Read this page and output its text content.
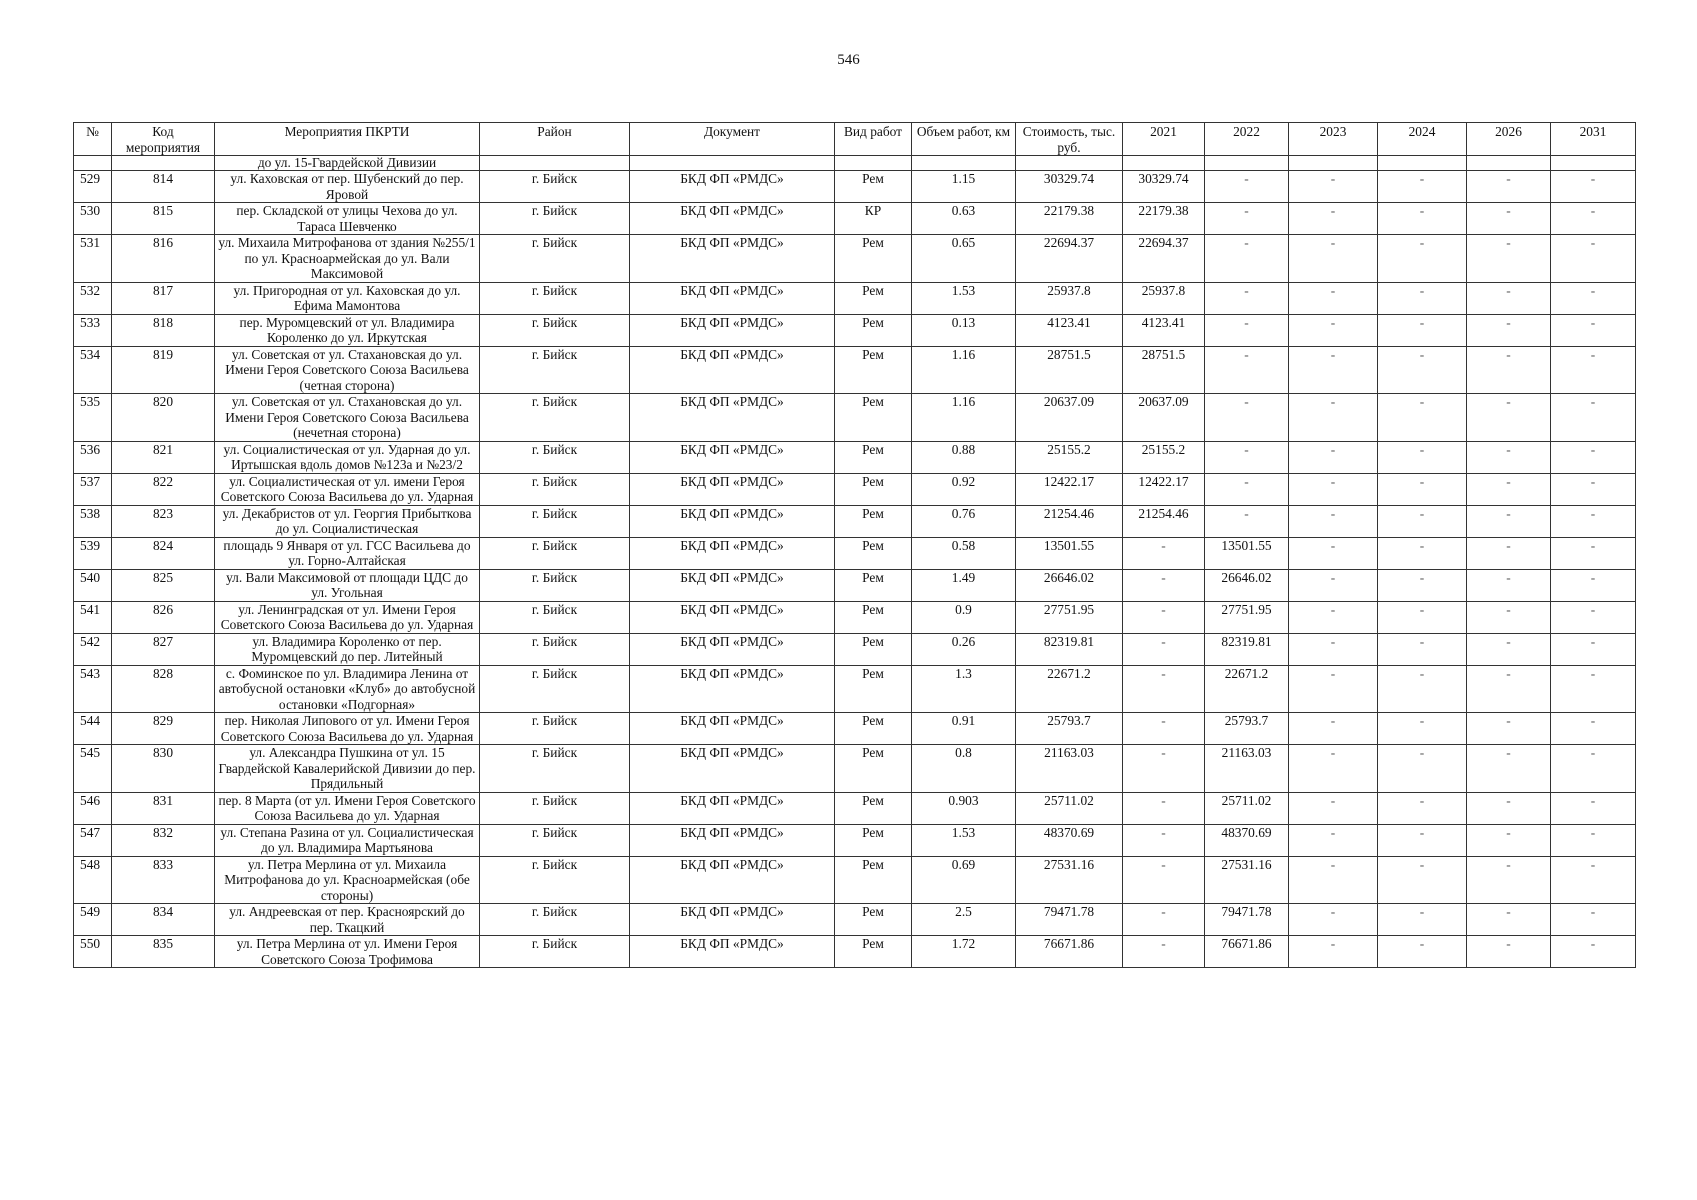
546
№	Код мероприятия	Мероприятия ПКРТИ	Район	Документ	Вид работ	Объем работ, км	Стоимость, тыс. руб.	2021	2022	2023	2024	2026	2031
		до ул. 15-Гвардейской Дивизии											
529	814	ул. Каховская от пер. Шубенский до пер. Яровой	г. Бийск	БКД ФП «РМДС»	Рем	1.15	30329.74	30329.74	-	-	-	-	-
530	815	пер. Складской от улицы Чехова до ул. Тараса Шевченко	г. Бийск	БКД ФП «РМДС»	КР	0.63	22179.38	22179.38	-	-	-	-	-
531	816	ул. Михаила Митрофанова от здания №255/1 по ул. Красноармейская до ул. Вали Максимовой	г. Бийск	БКД ФП «РМДС»	Рем	0.65	22694.37	22694.37	-	-	-	-	-
532	817	ул. Пригородная от ул. Каховская до ул. Ефима Мамонтова	г. Бийск	БКД ФП «РМДС»	Рем	1.53	25937.8	25937.8	-	-	-	-	-
533	818	пер. Муромцевский от ул. Владимира Короленко до ул. Иркутская	г. Бийск	БКД ФП «РМДС»	Рем	0.13	4123.41	4123.41	-	-	-	-	-
534	819	ул. Советская от ул. Стахановская до ул. Имени Героя Советского Союза Васильева (четная сторона)	г. Бийск	БКД ФП «РМДС»	Рем	1.16	28751.5	28751.5	-	-	-	-	-
535	820	ул. Советская от ул. Стахановская до ул. Имени Героя Советского Союза Васильева (нечетная сторона)	г. Бийск	БКД ФП «РМДС»	Рем	1.16	20637.09	20637.09	-	-	-	-	-
536	821	ул. Социалистическая от ул. Ударная до ул. Иртышская вдоль домов №123а и №23/2	г. Бийск	БКД ФП «РМДС»	Рем	0.88	25155.2	25155.2	-	-	-	-	-
537	822	ул. Социалистическая от ул. имени Героя Советского Союза Васильева до ул. Ударная	г. Бийск	БКД ФП «РМДС»	Рем	0.92	12422.17	12422.17	-	-	-	-	-
538	823	ул. Декабристов от ул. Георгия Прибыткова до ул. Социалистическая	г. Бийск	БКД ФП «РМДС»	Рем	0.76	21254.46	21254.46	-	-	-	-	-
539	824	площадь 9 Января от ул. ГСС Васильева до ул. Горно-Алтайская	г. Бийск	БКД ФП «РМДС»	Рем	0.58	13501.55	-	13501.55	-	-	-	-
540	825	ул. Вали Максимовой от площади ЦДС до ул. Угольная	г. Бийск	БКД ФП «РМДС»	Рем	1.49	26646.02	-	26646.02	-	-	-	-
541	826	ул. Ленинградская от ул. Имени Героя Советского Союза Васильева до ул. Ударная	г. Бийск	БКД ФП «РМДС»	Рем	0.9	27751.95	-	27751.95	-	-	-	-
542	827	ул. Владимира Короленко от пер. Муромцевский до пер. Литейный	г. Бийск	БКД ФП «РМДС»	Рем	0.26	82319.81	-	82319.81	-	-	-	-
543	828	с. Фоминское по ул. Владимира Ленина от автобусной остановки «Клуб» до автобусной остановки «Подгорная»	г. Бийск	БКД ФП «РМДС»	Рем	1.3	22671.2	-	22671.2	-	-	-	-
544	829	пер. Николая Липового от ул. Имени Героя Советского Союза Васильева до ул. Ударная	г. Бийск	БКД ФП «РМДС»	Рем	0.91	25793.7	-	25793.7	-	-	-	-
545	830	ул. Александра Пушкина от ул. 15 Гвардейской Кавалерийской Дивизии до пер. Прядильный	г. Бийск	БКД ФП «РМДС»	Рем	0.8	21163.03	-	21163.03	-	-	-	-
546	831	пер. 8 Марта (от ул. Имени Героя Советского Союза Васильева до ул. Ударная	г. Бийск	БКД ФП «РМДС»	Рем	0.903	25711.02	-	25711.02	-	-	-	-
547	832	ул. Степана Разина от ул. Социалистическая до ул. Владимира Мартьянова	г. Бийск	БКД ФП «РМДС»	Рем	1.53	48370.69	-	48370.69	-	-	-	-
548	833	ул. Петра Мерлина от ул. Михаила Митрофанова до ул. Красноармейская (обе стороны)	г. Бийск	БКД ФП «РМДС»	Рем	0.69	27531.16	-	27531.16	-	-	-	-
549	834	ул. Андреевская от пер. Красноярский до пер. Ткацкий	г. Бийск	БКД ФП «РМДС»	Рем	2.5	79471.78	-	79471.78	-	-	-	-
550	835	ул. Петра Мерлина от ул. Имени Героя Советского Союза Трофимова	г. Бийск	БКД ФП «РМДС»	Рем	1.72	76671.86	-	76671.86	-	-	-	-
